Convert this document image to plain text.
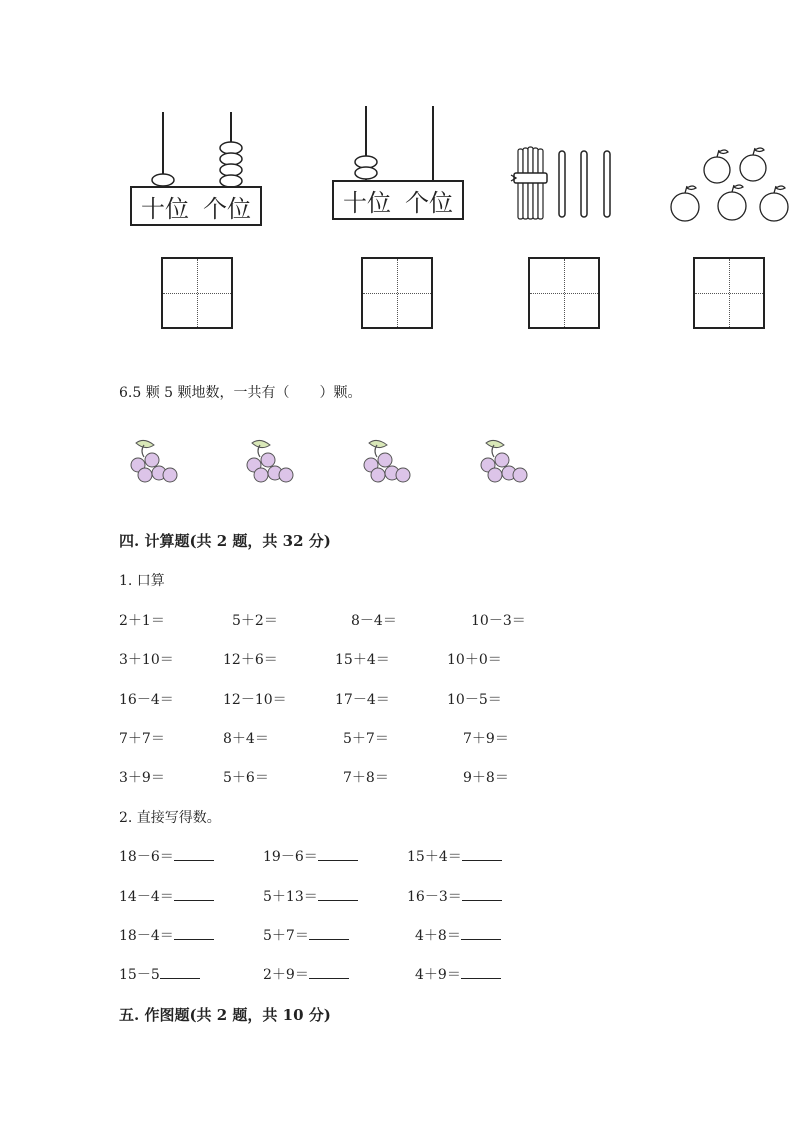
十位 个位	十位 个位
6.5 颗 5 颗地数，一共有（ ）颗。
四. 计算题(共 2 题，共 32 分)
1. 口算
2＋1＝	5＋2＝	8－4＝	10－3＝
3＋10＝	12＋6＝	15＋4＝	10＋0＝
16－4＝	12－10＝	17－4＝	10－5＝
7＋7＝	8＋4＝	5＋7＝	7＋9＝
3＋9＝	5＋6＝	7＋8＝	9＋8＝
2. 直接写得数。
18－6＝	19－6＝	15＋4＝
14－4＝	5＋13＝	16－3＝
18－4＝	5＋7＝	4＋8＝
15－5	2＋9＝	4＋9＝
五. 作图题(共 2 题，共 10 分)
